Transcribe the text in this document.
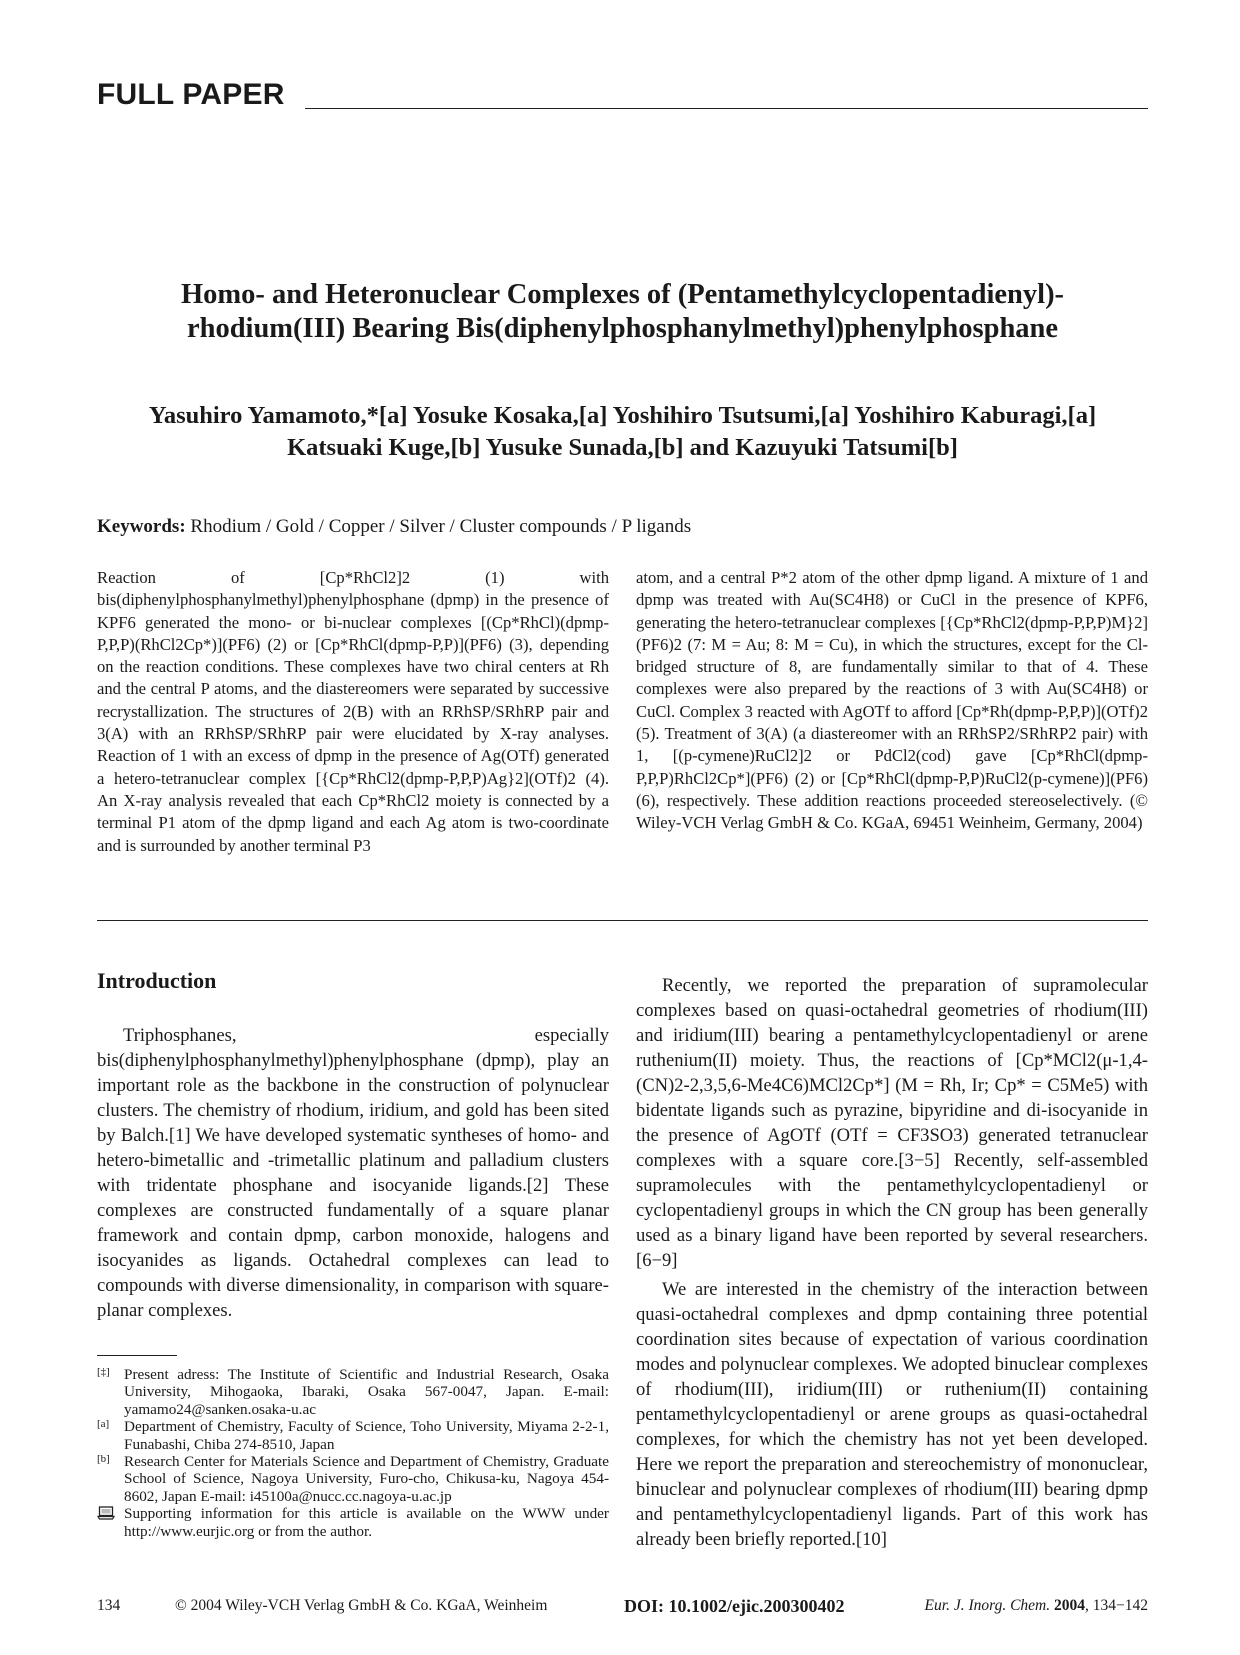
FULL PAPER
Homo- and Heteronuclear Complexes of (Pentamethylcyclopentadienyl)-
rhodium(III) Bearing Bis(diphenylphosphanylmethyl)phenylphosphane
Yasuhiro Yamamoto,*[a] Yosuke Kosaka,[a] Yoshihiro Tsutsumi,[a] Yoshihiro Kaburagi,[a]
Katsuaki Kuge,[b] Yusuke Sunada,[b] and Kazuyuki Tatsumi[b]
Keywords: Rhodium / Gold / Copper / Silver / Cluster compounds / P ligands

Reaction of [Cp*RhCl2]2 (1) with bis(diphenylphosphanylmethyl)phenylphosphane (dpmp) in the presence of KPF6 generated the mono- or bi-nuclear complexes [(Cp*RhCl)(dpmp-P,P,P)(RhCl2Cp*)](PF6) (2) or [Cp*RhCl(dpmp-P,P)](PF6) (3), depending on the reaction conditions. These complexes have two chiral centers at Rh and the central P atoms, and the diastereomers were separated by successive recrystallization. The structures of 2(B) with an RRhSP/SRhRP pair and 3(A) with an RRhSP/SRhRP pair were elucidated by X-ray analyses. Reaction of 1 with an excess of dpmp in the presence of Ag(OTf) generated a hetero-tetranuclear complex [{Cp*RhCl2(dpmp-P,P,P)Ag}2](OTf)2 (4). An X-ray analysis revealed that each Cp*RhCl2 moiety is connected by a terminal P1 atom of the dpmp ligand and each Ag atom is two-coordinate and is surrounded by another terminal P3

atom, and a central P*2 atom of the other dpmp ligand. A mixture of 1 and dpmp was treated with Au(SC4H8) or CuCl in the presence of KPF6, generating the hetero-tetranuclear complexes [{Cp*RhCl2(dpmp-P,P,P)M}2](PF6)2 (7: M = Au; 8: M = Cu), in which the structures, except for the Cl-bridged structure of 8, are fundamentally similar to that of 4. These complexes were also prepared by the reactions of 3 with Au(SC4H8) or CuCl. Complex 3 reacted with AgOTf to afford [Cp*Rh(dpmp-P,P,P)](OTf)2 (5). Treatment of 3(A) (a diastereomer with an RRhSP2/SRhRP2 pair) with 1, [(p-cymene)RuCl2]2 or PdCl2(cod) gave [Cp*RhCl(dpmp-P,P,P)RhCl2Cp*](PF6) (2) or [Cp*RhCl(dpmp-P,P)RuCl2(p-cymene)](PF6) (6), respectively. These addition reactions proceeded stereoselectively. (© Wiley-VCH Verlag GmbH & Co. KGaA, 69451 Weinheim, Germany, 2004)

Introduction

Triphosphanes, especially bis(diphenylphosphanylmethyl)phenylphosphane (dpmp), play an important role as the backbone in the construction of polynuclear clusters. The chemistry of rhodium, iridium, and gold has been sited by Balch.[1] We have developed systematic syntheses of homo- and hetero-bimetallic and -trimetallic platinum and palladium clusters with tridentate phosphane and isocyanide ligands.[2] These complexes are constructed fundamentally of a square planar framework and contain dpmp, carbon monoxide, halogens and isocyanides as ligands. Octahedral complexes can lead to compounds with diverse dimensionality, in comparison with square-planar complexes.

Recently, we reported the preparation of supramolecular complexes based on quasi-octahedral geometries of rhodium(III) and iridium(III) bearing a pentamethylcyclopentadienyl or arene ruthenium(II) moiety. Thus, the reactions of [Cp*MCl2(μ-1,4-(CN)2-2,3,5,6-Me4C6)MCl2Cp*] (M = Rh, Ir; Cp* = C5Me5) with bidentate ligands such as pyrazine, bipyridine and di-isocyanide in the presence of AgOTf (OTf = CF3SO3) generated tetranuclear complexes with a square core.[3−5] Recently, self-assembled supramolecules with the pentamethylcyclopentadienyl or cyclopentadienyl groups in which the CN group has been generally used as a binary ligand have been reported by several researchers.[6−9]

We are interested in the chemistry of the interaction between quasi-octahedral complexes and dpmp containing three potential coordination sites because of expectation of various coordination modes and polynuclear complexes. We adopted binuclear complexes of rhodium(III), iridium(III) or ruthenium(II) containing pentamethylcyclopentadienyl or arene groups as quasi-octahedral complexes, for which the chemistry has not yet been developed. Here we report the preparation and stereochemistry of mononuclear, binuclear and polynuclear complexes of rhodium(III) bearing dpmp and pentamethylcyclopentadienyl ligands. Part of this work has already been briefly reported.[10]

[‡] Present adress: The Institute of Scientific and Industrial Research, Osaka University, Mihogaoka, Ibaraki, Osaka 567-0047, Japan. E-mail: yamamo24@sanken.osaka-u.ac

[a] Department of Chemistry, Faculty of Science, Toho University, Miyama 2-2-1, Funabashi, Chiba 274-8510, Japan

[b] Research Center for Materials Science and Department of Chemistry, Graduate School of Science, Nagoya University, Furo-cho, Chikusa-ku, Nagoya 454-8602, Japan E-mail: i45100a@nucc.cc.nagoya-u.ac.jp

Supporting information for this article is available on the WWW under http://www.eurjic.org or from the author.

134	© 2004 Wiley-VCH Verlag GmbH & Co. KGaA, Weinheim	DOI: 10.1002/ejic.200300402	Eur. J. Inorg. Chem. 2004, 134−142
